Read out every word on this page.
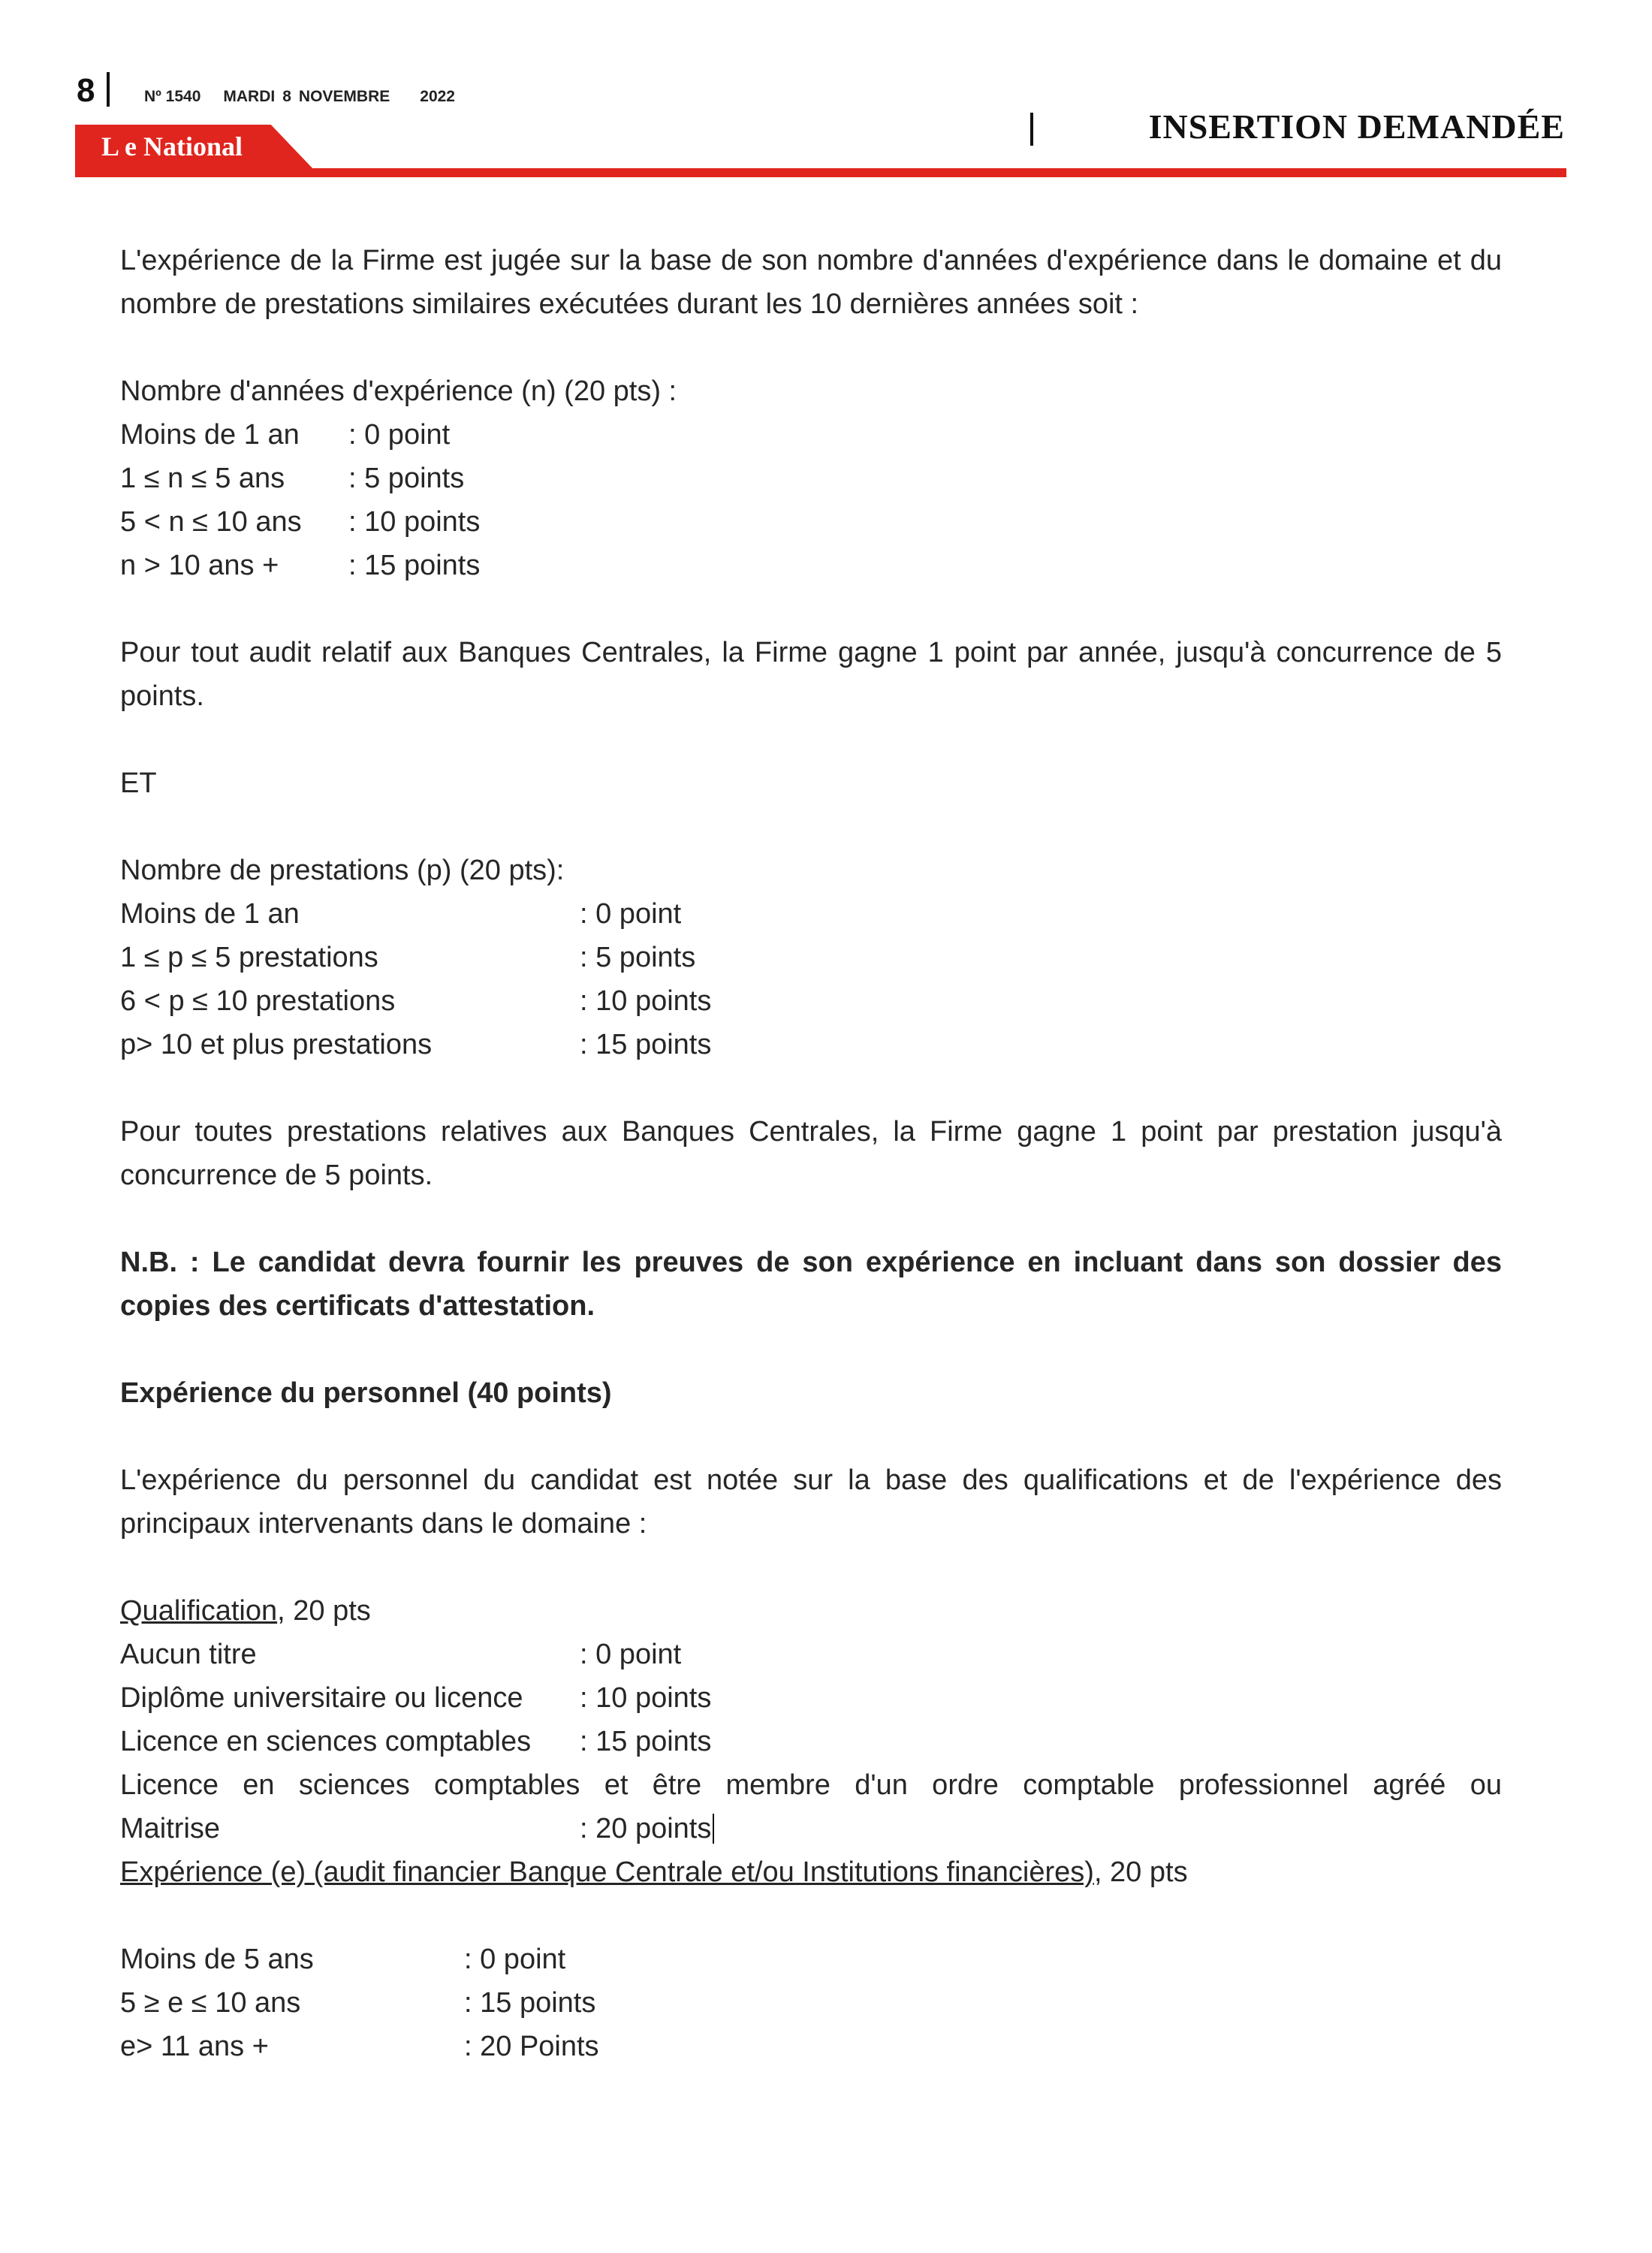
8	Nº 1540 MARDI 8 NOVEMBRE 2022
INSERTION DEMANDÉE
L e National

L'expérience de la Firme est jugée sur la base de son nombre d'années d'expérience dans le domaine et du nombre de prestations similaires exécutées durant les 10 dernières années soit :

Nombre d'années d'expérience (n) (20 pts) :
Moins de 1 an : 0 point
1 ≤ n ≤ 5 ans : 5 points
5 < n ≤ 10 ans : 10 points
n > 10 ans + : 15 points

Pour tout audit relatif aux Banques Centrales, la Firme gagne 1 point par année, jusqu'à concurrence de 5 points.

ET
Nombre de prestations (p) (20 pts):
Moins de 1 an	: 0 point
1 ≤ p ≤ 5 prestations	: 5 points
6 < p ≤ 10 prestations	: 10 points
p> 10 et plus prestations	: 15 points

Pour toutes prestations relatives aux Banques Centrales, la Firme gagne 1 point par prestation jusqu'à concurrence de 5 points.

N.B. : Le candidat devra fournir les preuves de son expérience en incluant dans son dossier des copies des certificats d'attestation.

Expérience du personnel (40 points)

L'expérience du personnel du candidat est notée sur la base des qualifications et de l'expérience des principaux intervenants dans le domaine :

Qualification, 20 pts
Aucun titre	: 0 point
Diplôme universitaire ou licence : 10 points
Licence en sciences comptables : 15 points

Licence en sciences comptables et être membre d'un ordre comptable professionnel agréé ou

Maitrise	: 20 points
Expérience (e) (audit financier Banque Centrale et/ou Institutions financières), 20 pts
Moins de 5 ans	: 0 point
5 ≥ e ≤ 10 ans	: 15 points
e> 11 ans +	: 20 Points
